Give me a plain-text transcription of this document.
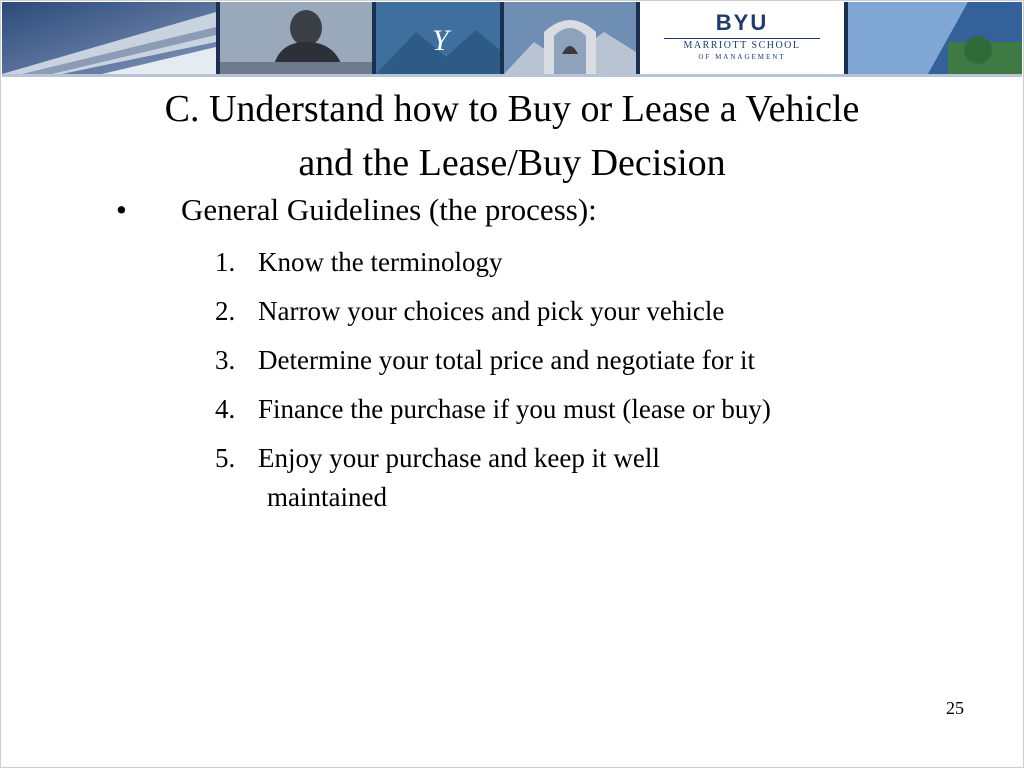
Y
BYU
MARRIOTT SCHOOL
OF MANAGEMENT
C. Understand how to Buy or Lease a Vehicle
and the Lease/Buy Decision
• General Guidelines (the process):
1. Know the terminology
2. Narrow your choices and pick your vehicle
3. Determine your total price and negotiate for it
4. Finance the purchase if you must (lease or buy)
5. Enjoy your purchase and keep it well
maintained
25
